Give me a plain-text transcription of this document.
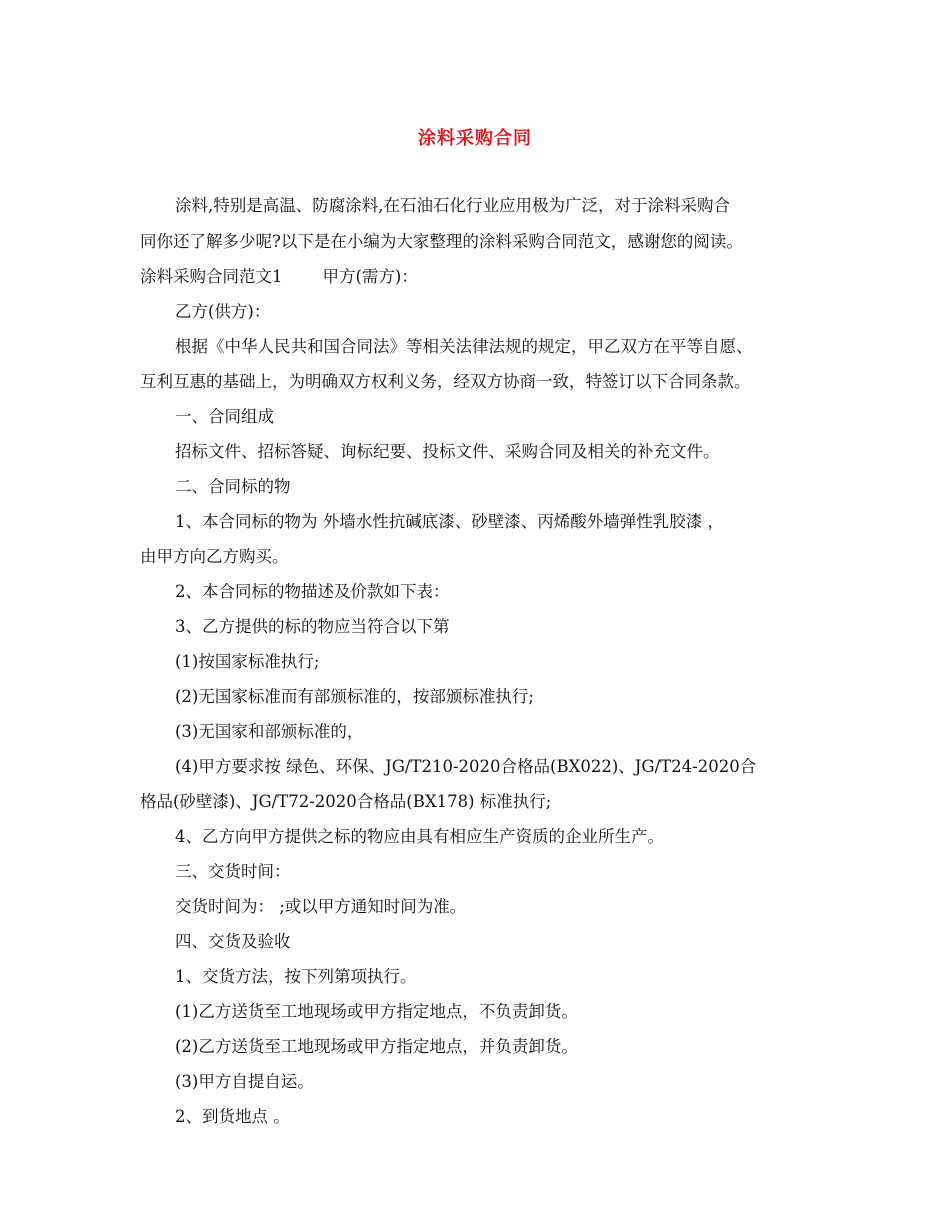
涂料采购合同
涂料,特别是高温、防腐涂料,在石油石化行业应用极为广泛，对于涂料采购合
同你还了解多少呢?以下是在小编为大家整理的涂料采购合同范文，感谢您的阅读。
涂料采购合同范文1 甲方(需方)：
乙方(供方)：
根据《中华人民共和国合同法》等相关法律法规的规定，甲乙双方在平等自愿、
互利互惠的基础上，为明确双方权利义务，经双方协商一致，特签订以下合同条款。
一、合同组成
招标文件、招标答疑、询标纪要、投标文件、采购合同及相关的补充文件。
二、合同标的物
1、本合同标的物为 外墙水性抗碱底漆、砂壁漆、丙烯酸外墙弹性乳胶漆 ，
由甲方向乙方购买。
2、本合同标的物描述及价款如下表：
3、乙方提供的标的物应当符合以下第
(1)按国家标准执行;
(2)无国家标准而有部颁标准的，按部颁标准执行;
(3)无国家和部颁标准的，
(4)甲方要求按 绿色、环保、JG/T210-2020合格品(BX022)、JG/T24-2020合
格品(砂壁漆)、JG/T72-2020合格品(BX178) 标准执行;
4、乙方向甲方提供之标的物应由具有相应生产资质的企业所生产。
三、交货时间：
交货时间为： ;或以甲方通知时间为准。
四、交货及验收
1、交货方法，按下列第项执行。
(1)乙方送货至工地现场或甲方指定地点，不负责卸货。
(2)乙方送货至工地现场或甲方指定地点，并负责卸货。
(3)甲方自提自运。
2、到货地点 。
